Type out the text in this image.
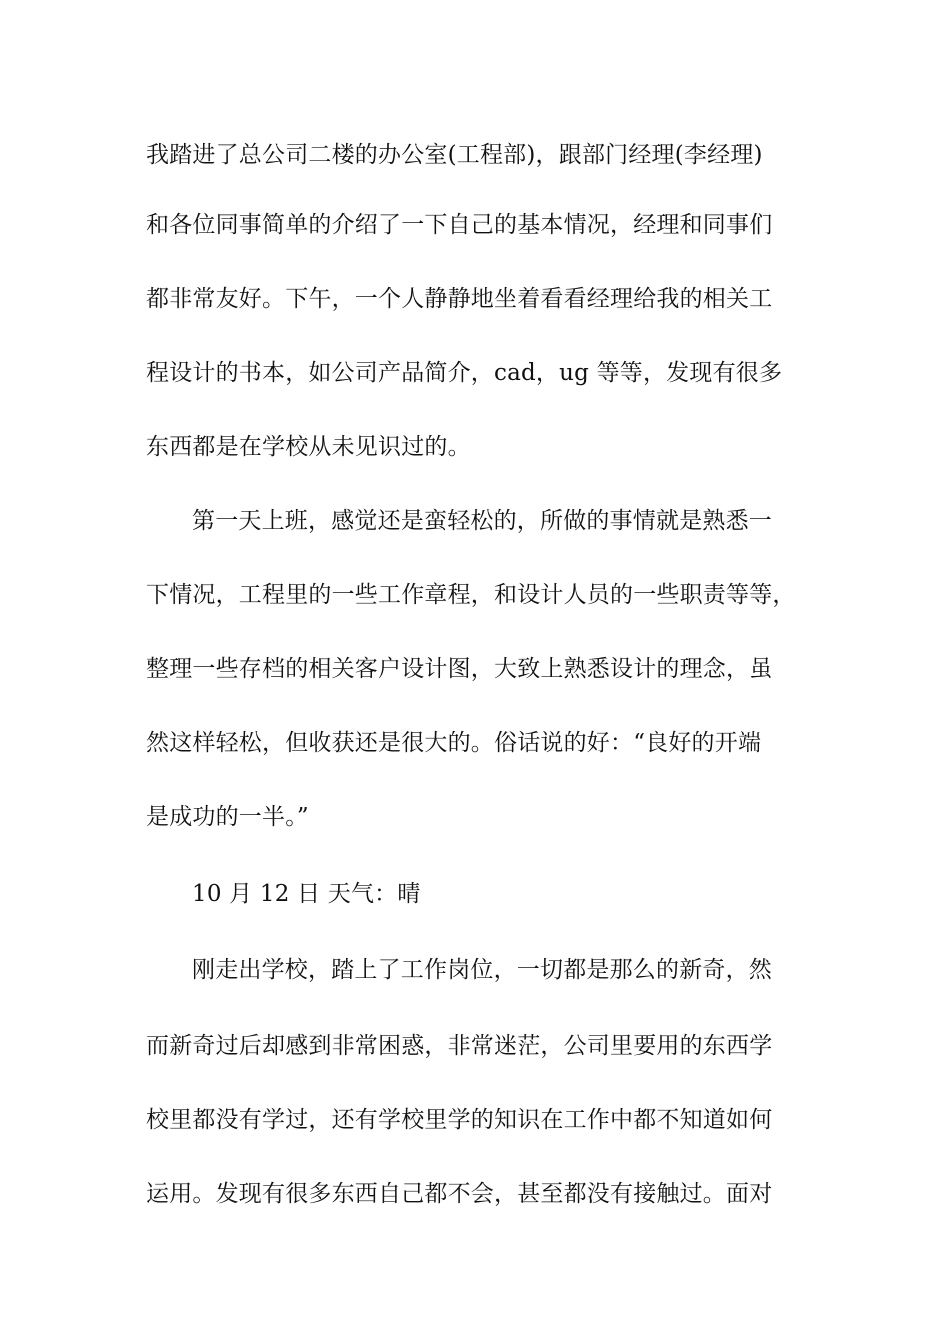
我踏进了总公司二楼的办公室(工程部)，跟部门经理(李经理)
和各位同事简单的介绍了一下自己的基本情况，经理和同事们
都非常友好。下午，一个人静静地坐着看看经理给我的相关工
程设计的书本，如公司产品简介，cad，ug 等等，发现有很多
东西都是在学校从未见识过的。
第一天上班，感觉还是蛮轻松的，所做的事情就是熟悉一
下情况，工程里的一些工作章程，和设计人员的一些职责等等，
整理一些存档的相关客户设计图，大致上熟悉设计的理念，虽
然这样轻松，但收获还是很大的。俗话说的好：“良好的开端
是成功的一半。”
10 月 12 日 天气：晴
刚走出学校，踏上了工作岗位，一切都是那么的新奇，然
而新奇过后却感到非常困惑，非常迷茫，公司里要用的东西学
校里都没有学过，还有学校里学的知识在工作中都不知道如何
运用。发现有很多东西自己都不会，甚至都没有接触过。面对
